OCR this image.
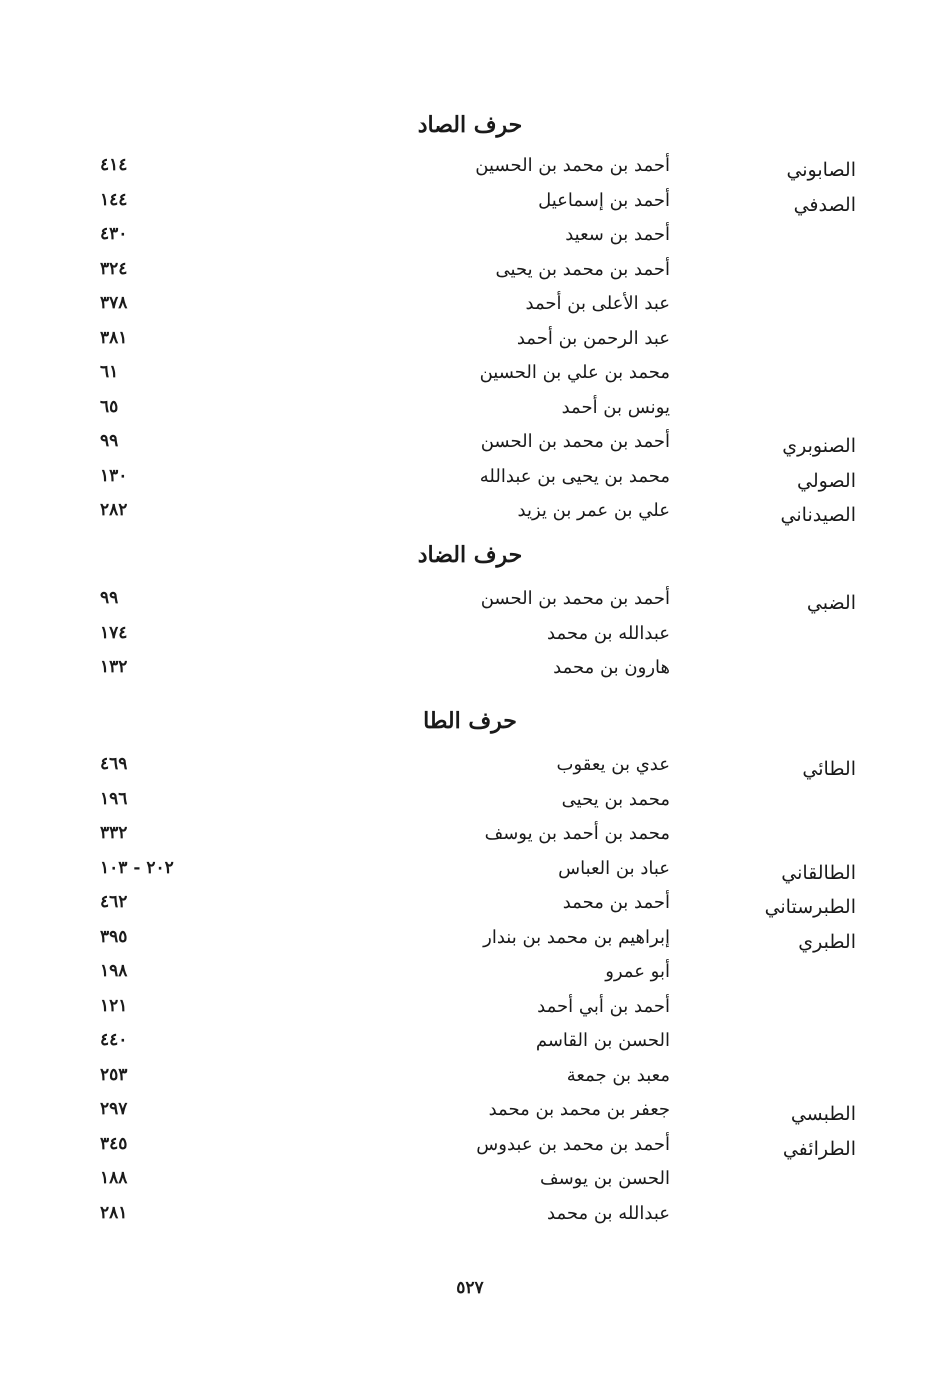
حرف الصاد
الصابوني
أحمد بن محمد بن الحسين
٤١٤
الصدفي
أحمد بن إسماعيل
١٤٤
أحمد بن سعيد
٤٣٠
أحمد بن محمد بن يحيى
٣٢٤
عبد الأعلى بن أحمد
٣٧٨
عبد الرحمن بن أحمد
٣٨١
محمد بن علي بن الحسين
٦١
يونس بن أحمد
٦٥
الصنوبري
أحمد بن محمد بن الحسن
٩٩
الصولي
محمد بن يحيى بن عبدالله
١٣٠
الصيدناني
علي بن عمر بن يزيد
٢٨٢
حرف الضاد
الضبي
أحمد بن محمد بن الحسن
٩٩
عبدالله بن محمد
١٧٤
هارون بن محمد
١٣٢
حرف الطا
الطائي
عدي بن يعقوب
٤٦٩
محمد بن يحيى
١٩٦
محمد بن أحمد بن يوسف
٣٣٢
الطالقاني
عباد بن العباس
٢٠٢ - ١٠٣
الطبرستاني
أحمد بن محمد
٤٦٢
الطبري
إبراهيم بن محمد بن بندار
٣٩٥
أبو عمرو
١٩٨
أحمد بن أبي أحمد
١٢١
الحسن بن القاسم
٤٤٠
معبد بن جمعة
٢٥٣
الطبسي
جعفر بن محمد بن محمد
٢٩٧
الطرائفي
أحمد بن محمد بن عبدوس
٣٤٥
الحسن بن يوسف
١٨٨
عبدالله بن محمد
٢٨١
٥٢٧
